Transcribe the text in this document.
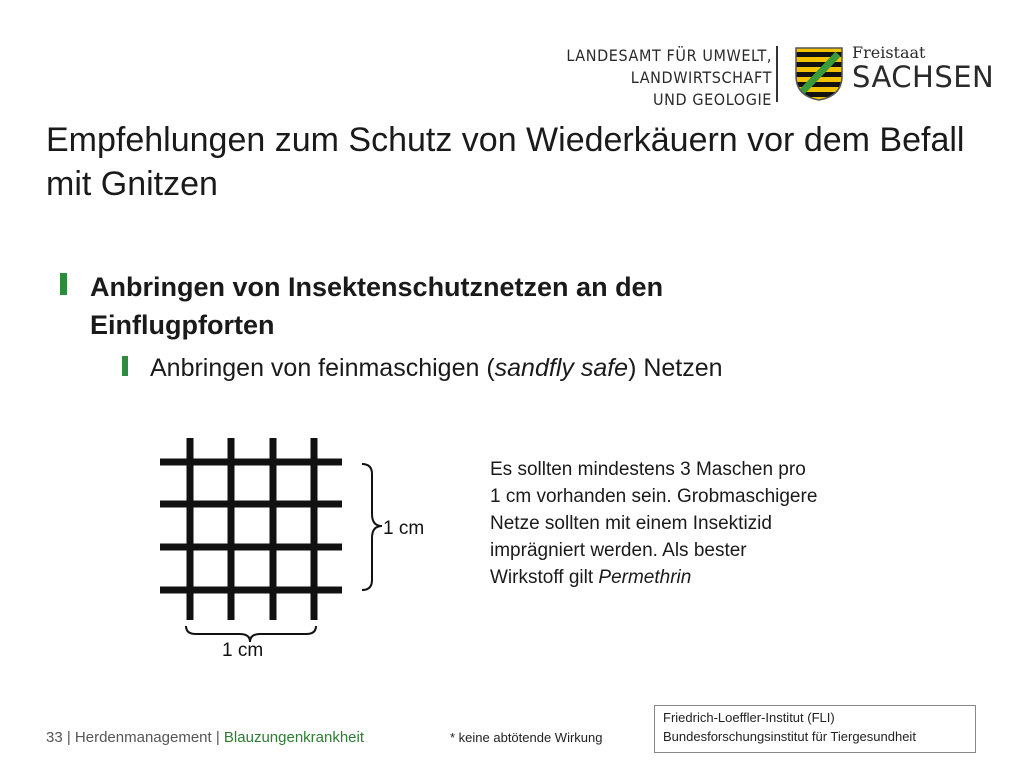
LANDESAMT FÜR UMWELT,
LANDWIRTSCHAFT
UND GEOLOGIE
Freistaat
SACHSEN
Empfehlungen zum Schutz von Wiederkäuern vor dem Befall mit Gnitzen
Anbringen von Insektenschutznetzen an den Einflugpforten
Anbringen von feinmaschigen (sandfly safe) Netzen
1 cm
1 cm
Es sollten mindestens 3 Maschen pro 1 cm vorhanden sein. Grobmaschigere Netze sollten mit einem Insektizid imprägniert werden. Als bester Wirkstoff gilt Permethrin
33 | Herdenmanagement | Blauzungenkrankheit	* keine abtötende Wirkung
Friedrich-Loeffler-Institut (FLI)
Bundesforschungsinstitut für Tiergesundheit
